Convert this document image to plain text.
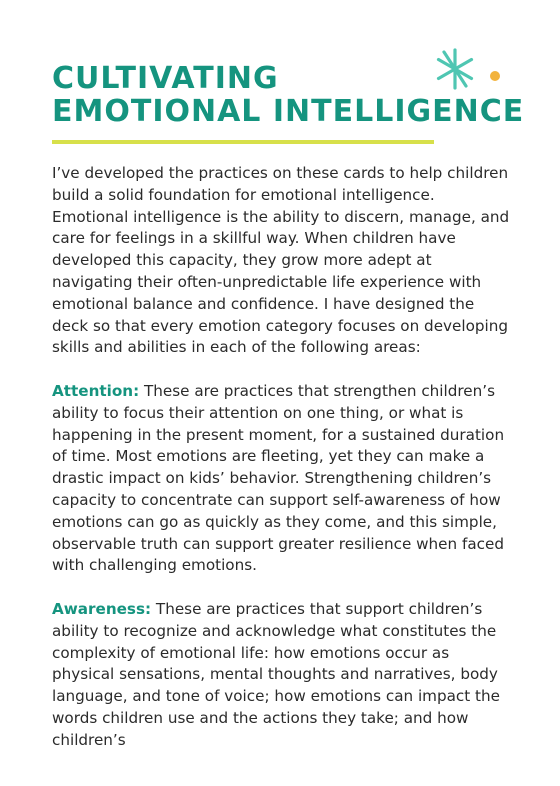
CULTIVATING
EMOTIONAL INTELLIGENCE

I’ve developed the practices on these cards to help children build a solid foundation for emotional intelligence. Emotional intelligence is the ability to discern, manage, and care for feelings in a skillful way. When children have developed this capacity, they grow more adept at navigating their often-unpredictable life experience with emotional balance and confidence. I have designed the deck so that every emotion category focuses on developing skills and abilities in each of the following areas:

Attention: These are practices that strengthen children’s ability to focus their attention on one thing, or what is happening in the present moment, for a sustained duration of time. Most emotions are fleeting, yet they can make a drastic impact on kids’ behavior. Strengthening children’s capacity to concentrate can support self-awareness of how emotions can go as quickly as they come, and this simple, observable truth can support greater resilience when faced with challenging emotions.

Awareness: These are practices that support children’s ability to recognize and acknowledge what constitutes the complexity of emotional life: how emotions occur as physical sensations, mental thoughts and narratives, body language, and tone of voice; how emotions can impact the words children use and the actions they take; and how children’s
